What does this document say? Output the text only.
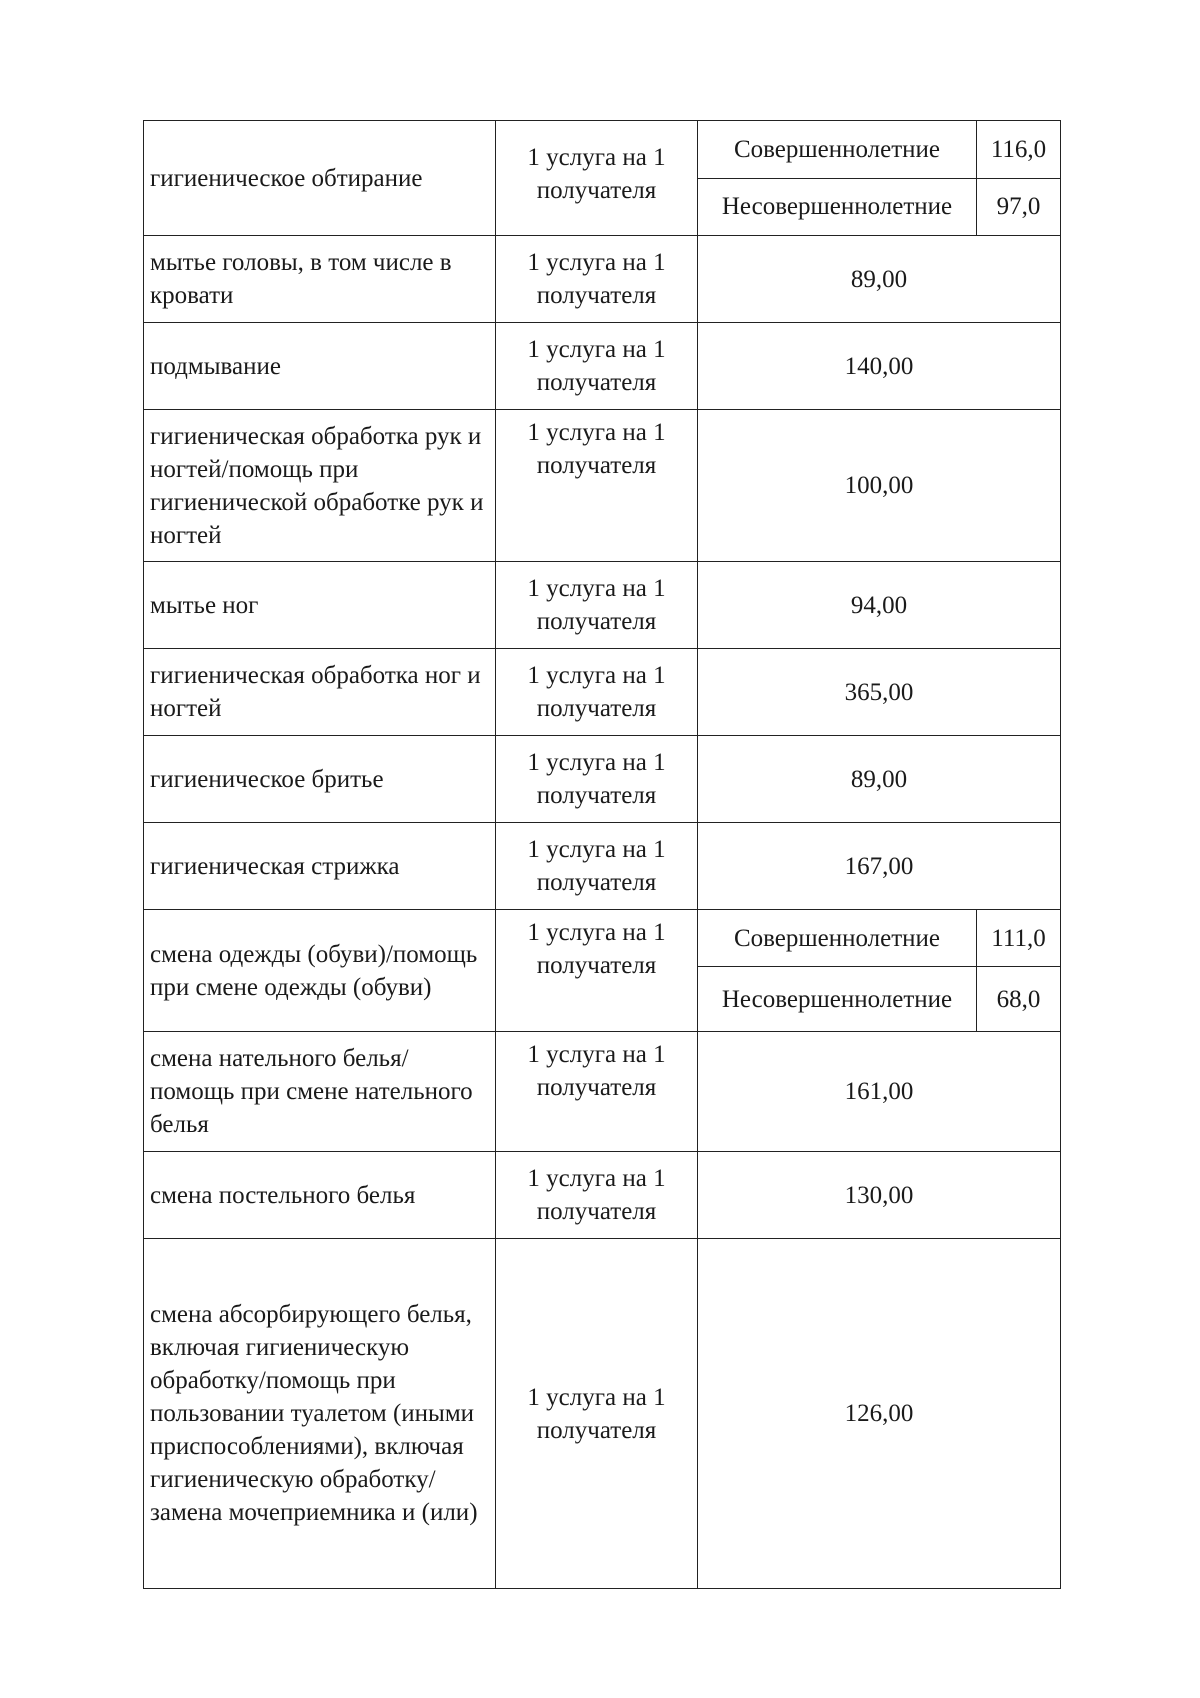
гигиеническое обтирание	1 услуга на 1 получателя	Совершеннолетние	116,0
		Несовершеннолетние	97,0
мытье головы, в том числе в кровати	1 услуга на 1 получателя	89,00	
подмывание	1 услуга на 1 получателя	140,00	
гигиеническая обработка рук и ногтей/помощь при гигиенической обработке рук и ногтей	1 услуга на 1 получателя	100,00	
мытье ног	1 услуга на 1 получателя	94,00	
гигиеническая обработка ног и ногтей	1 услуга на 1 получателя	365,00	
гигиеническое бритье	1 услуга на 1 получателя	89,00	
гигиеническая стрижка	1 услуга на 1 получателя	167,00	
смена одежды (обуви)/помощь при смене одежды (обуви)	1 услуга на 1 получателя	Совершеннолетние	111,0
		Несовершеннолетние	68,0
смена нательного белья/помощь при смене нательного белья	1 услуга на 1 получателя	161,00	
смена постельного белья	1 услуга на 1 получателя	130,00	
смена абсорбирующего белья, включая гигиеническую обработку/помощь при пользовании туалетом (иными приспособлениями), включая гигиеническую обработку/замена мочеприемника и (или)	1 услуга на 1 получателя	126,00	
